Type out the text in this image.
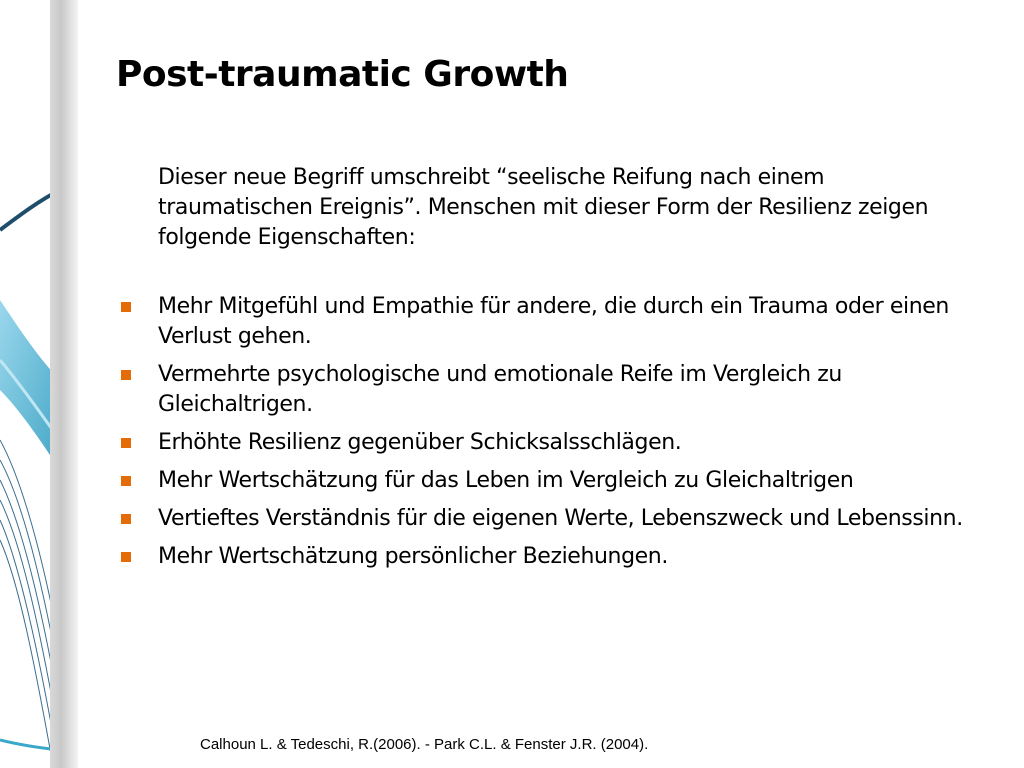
Post-traumatic Growth
Dieser neue Begriff umschreibt “seelische Reifung nach einem traumatischen Ereignis”. Menschen mit dieser Form der Resilienz zeigen folgende Eigenschaften:
Mehr Mitgefühl und Empathie für andere, die durch ein Trauma oder einen Verlust gehen.
Vermehrte psychologische und emotionale Reife im Vergleich zu Gleichaltrigen.
Erhöhte Resilienz gegenüber Schicksalsschlägen.
Mehr Wertschätzung für das Leben im Vergleich zu Gleichaltrigen
Vertieftes Verständnis für die eigenen Werte, Lebenszweck und Lebenssinn.
Mehr Wertschätzung persönlicher Beziehungen.
Calhoun L. & Tedeschi, R.(2006). - Park C.L. & Fenster J.R. (2004).
